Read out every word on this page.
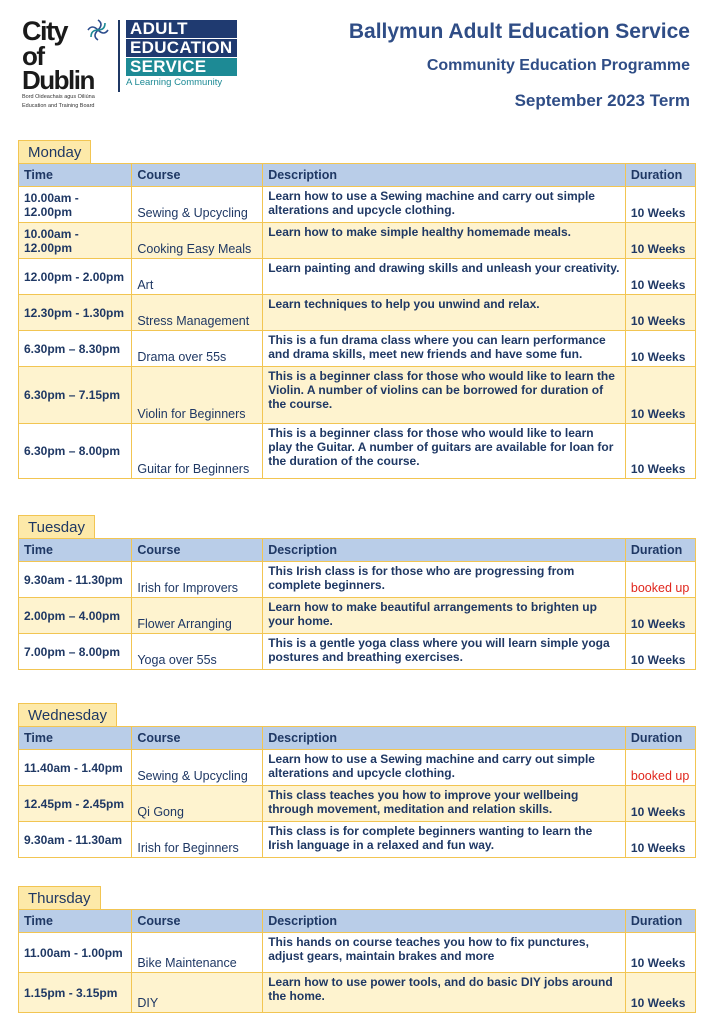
City
of Dublin
Bord Oideachais agus Oiliúna
Education and Training Board
ADULT
EDUCATION
SERVICE
A Learning Community
Ballymun Adult Education Service
Community Education Programme
September 2023 Term
Monday
Time	Course	Description	Duration
10.00am - 12.00pm	Sewing & Upcycling	Learn how to use a Sewing machine and carry out simple alterations and upcycle clothing.	10 Weeks
10.00am - 12.00pm	Cooking Easy Meals	Learn how to make simple healthy homemade meals.	10 Weeks
12.00pm - 2.00pm	Art	Learn painting and drawing skills and unleash your creativity.	10 Weeks
12.30pm - 1.30pm	Stress Management	Learn techniques to help you unwind and relax.	10 Weeks
6.30pm – 8.30pm	Drama over 55s	This is a fun drama class where you can learn performance and drama skills, meet new friends and have some fun.	10 Weeks
6.30pm – 7.15pm	Violin for Beginners	This is a beginner class for those who would like to learn the Violin. A number of violins can be borrowed for duration of the course.	10 Weeks
6.30pm – 8.00pm	Guitar for Beginners	This is a beginner class for those who would like to learn play the Guitar. A number of guitars are available for loan for the duration of the course.	10 Weeks
Tuesday
Time	Course	Description	Duration
9.30am - 11.30pm	Irish for Improvers	This Irish class is for those who are progressing from complete beginners.	booked up
2.00pm – 4.00pm	Flower Arranging	Learn how to make beautiful arrangements to brighten up your home.	10 Weeks
7.00pm – 8.00pm	Yoga over 55s	This is a gentle yoga class where you will learn simple yoga postures and breathing exercises.	10 Weeks
Wednesday
Time	Course	Description	Duration
11.40am - 1.40pm	Sewing & Upcycling	Learn how to use a Sewing machine and carry out simple alterations and upcycle clothing.	booked up
12.45pm - 2.45pm	Qi Gong	This class teaches you how to improve your wellbeing through movement, meditation and relation skills.	10 Weeks
9.30am - 11.30am	Irish for Beginners	This class is for complete beginners wanting to learn the Irish language in a relaxed and fun way.	10 Weeks
Thursday
Time	Course	Description	Duration
11.00am - 1.00pm	Bike Maintenance	This hands on course teaches you how to fix punctures, adjust gears, maintain brakes and more	10 Weeks
1.15pm - 3.15pm	DIY	Learn how to use power tools, and do basic DIY jobs around the home.	10 Weeks
